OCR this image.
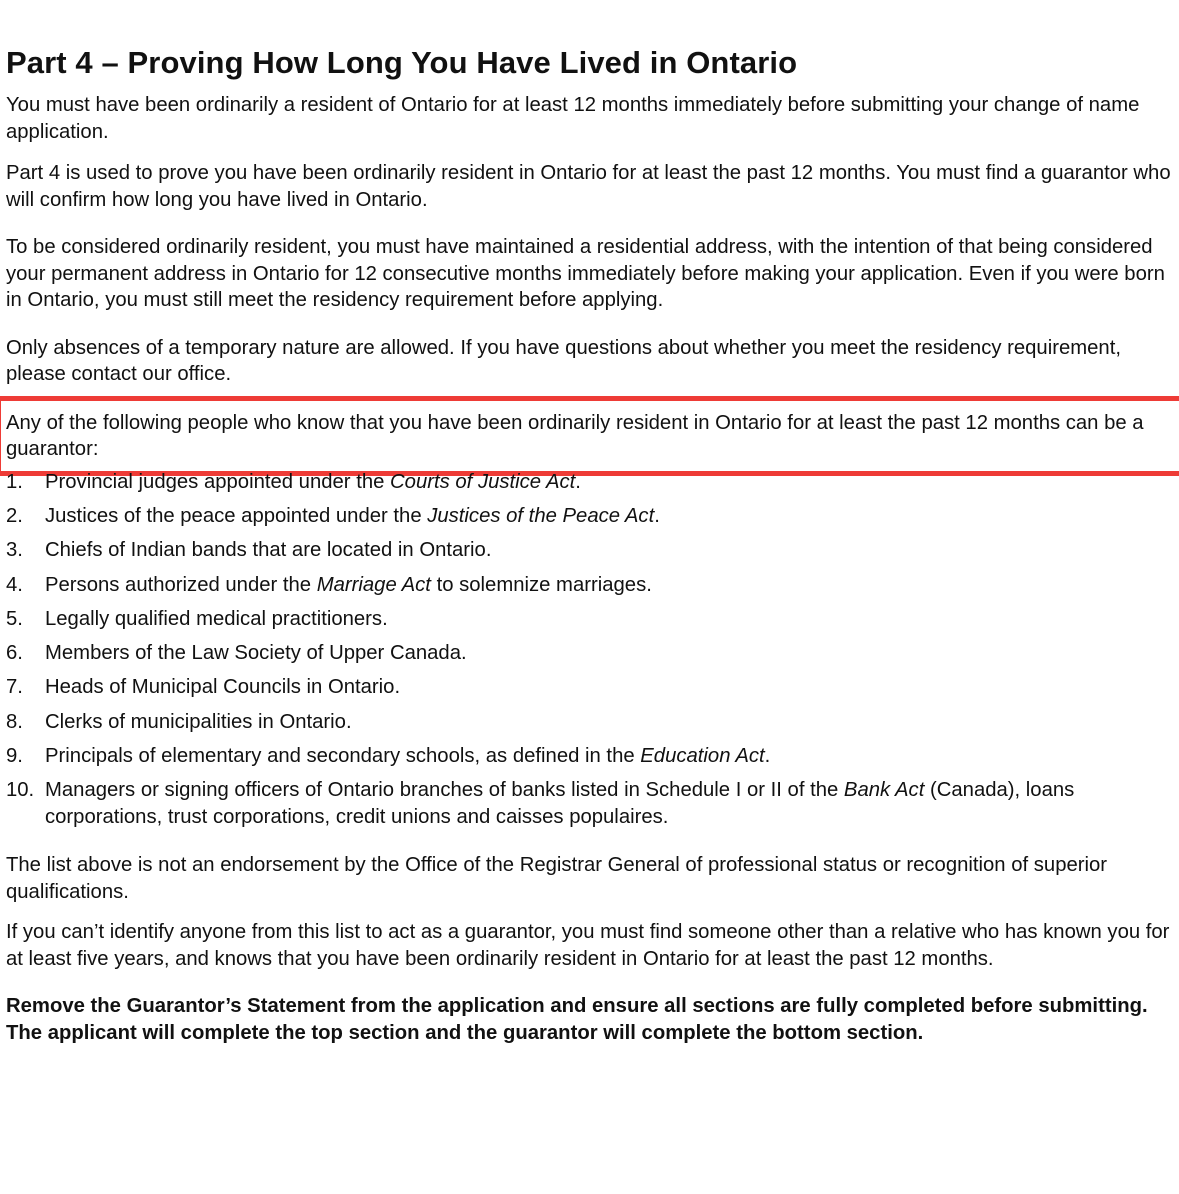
Part 4 – Proving How Long You Have Lived in Ontario

You must have been ordinarily a resident of Ontario for at least 12 months immediately before submitting your change of name application.

Part 4 is used to prove you have been ordinarily resident in Ontario for at least the past 12 months. You must find a guarantor who will confirm how long you have lived in Ontario.

To be considered ordinarily resident, you must have maintained a residential address, with the intention of that being considered your permanent address in Ontario for 12 consecutive months immediately before making your application. Even if you were born in Ontario, you must still meet the residency requirement before applying.

Only absences of a temporary nature are allowed. If you have questions about whether you meet the residency requirement, please contact our office.

Any of the following people who know that you have been ordinarily resident in Ontario for at least the past 12 months can be a guarantor:

1. Provincial judges appointed under the Courts of Justice Act.
2. Justices of the peace appointed under the Justices of the Peace Act.
3. Chiefs of Indian bands that are located in Ontario.
4. Persons authorized under the Marriage Act to solemnize marriages.
5. Legally qualified medical practitioners.
6. Members of the Law Society of Upper Canada.
7. Heads of Municipal Councils in Ontario.
8. Clerks of municipalities in Ontario.
9. Principals of elementary and secondary schools, as defined in the Education Act.
10. Managers or signing officers of Ontario branches of banks listed in Schedule I or II of the Bank Act (Canada), loans corporations, trust corporations, credit unions and caisses populaires.

The list above is not an endorsement by the Office of the Registrar General of professional status or recognition of superior qualifications.

If you can’t identify anyone from this list to act as a guarantor, you must find someone other than a relative who has known you for at least five years, and knows that you have been ordinarily resident in Ontario for at least the past 12 months.

Remove the Guarantor’s Statement from the application and ensure all sections are fully completed before submitting. The applicant will complete the top section and the guarantor will complete the bottom section.
